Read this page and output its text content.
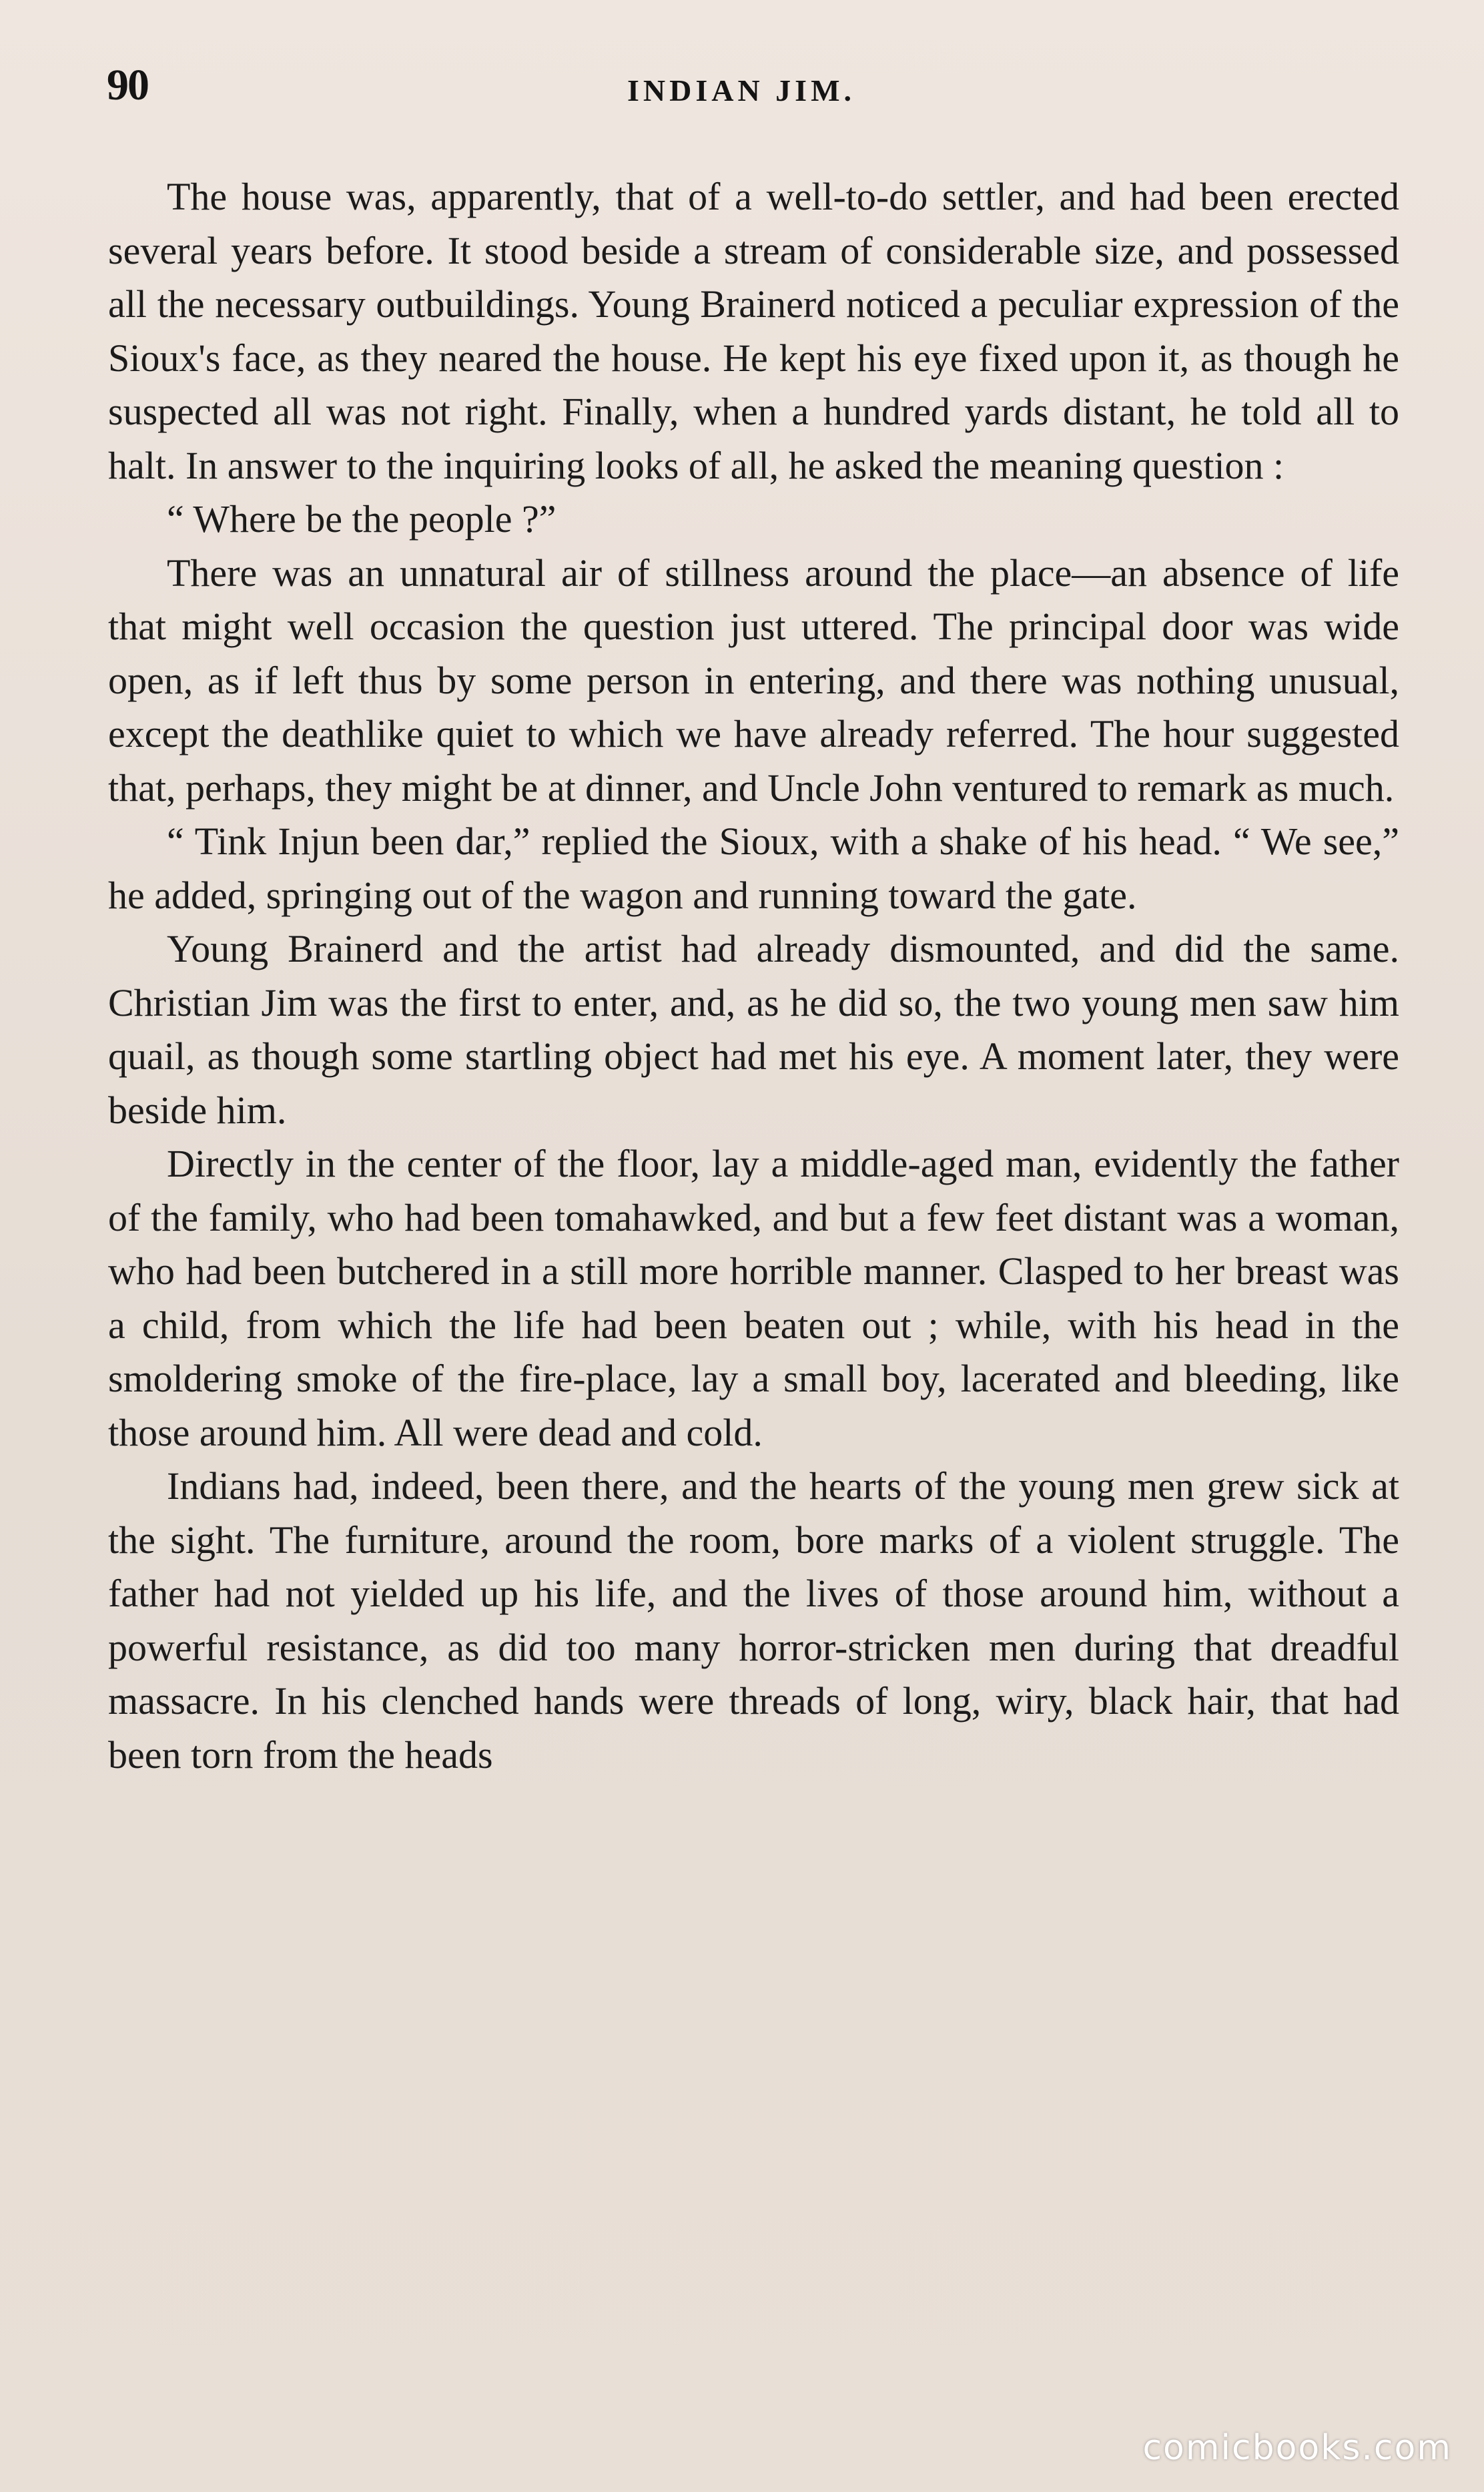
90	INDIAN JIM.

The house was, apparently, that of a well-to-do settler, and had been erected several years before. It stood beside a stream of considerable size, and possessed all the necessary outbuildings. Young Brainerd noticed a peculiar expression of the Sioux's face, as they neared the house. He kept his eye fixed upon it, as though he suspected all was not right. Finally, when a hundred yards distant, he told all to halt. In answer to the inquiring looks of all, he asked the meaning question :

“ Where be the people ?”

There was an unnatural air of stillness around the place—an absence of life that might well occasion the question just uttered. The principal door was wide open, as if left thus by some person in entering, and there was nothing unusual, except the deathlike quiet to which we have already referred. The hour suggested that, perhaps, they might be at dinner, and Uncle John ventured to remark as much.

“ Tink Injun been dar,” replied the Sioux, with a shake of his head. “ We see,” he added, springing out of the wagon and running toward the gate.

Young Brainerd and the artist had already dismounted, and did the same. Christian Jim was the first to enter, and, as he did so, the two young men saw him quail, as though some startling object had met his eye. A moment later, they were beside him.

Directly in the center of the floor, lay a middle-aged man, evidently the father of the family, who had been tomahawked, and but a few feet distant was a woman, who had been butchered in a still more horrible manner. Clasped to her breast was a child, from which the life had been beaten out ; while, with his head in the smoldering smoke of the fire-place, lay a small boy, lacerated and bleeding, like those around him. All were dead and cold.

Indians had, indeed, been there, and the hearts of the young men grew sick at the sight. The furniture, around the room, bore marks of a violent struggle. The father had not yielded up his life, and the lives of those around him, without a powerful resistance, as did too many horror-stricken men during that dreadful massacre. In his clenched hands were threads of long, wiry, black hair, that had been torn from the heads

comicbooks.com
